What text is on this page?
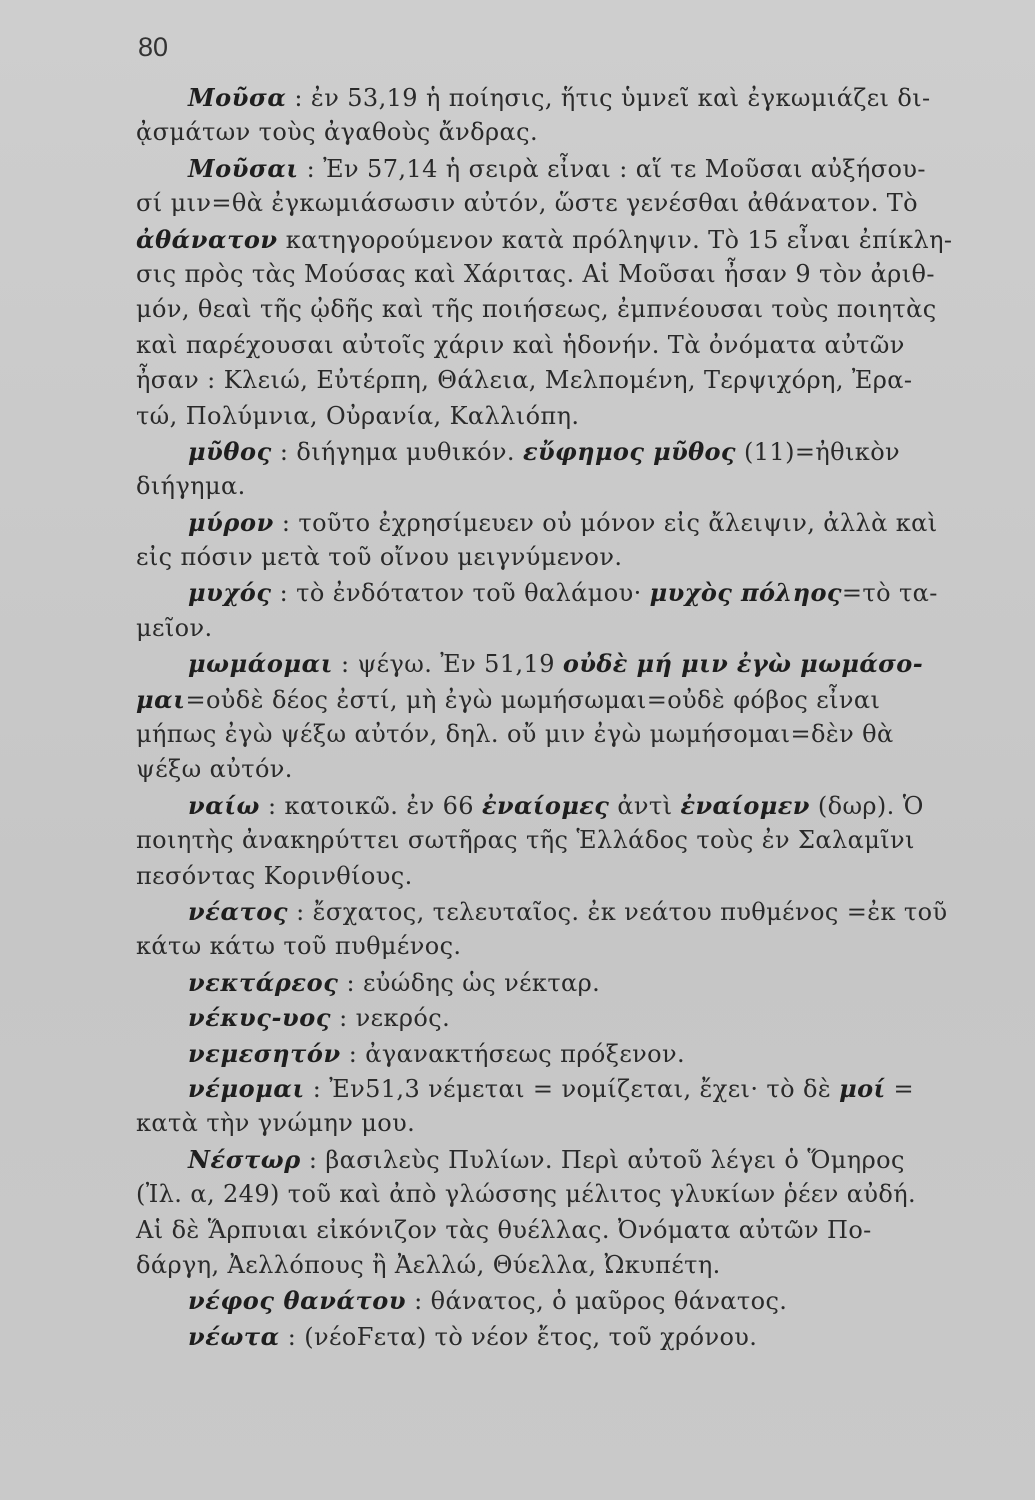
80
Μοῦσα : ἐν 53,19 ἡ ποίησις, ἥτις ὑμνεῖ καὶ ἐγκωμιάζει δι-
ᾀσμάτων τοὺς ἀγαθοὺς ἄνδρας.
Μοῦσαι : Ἐν 57,14 ἡ σειρὰ εἶναι : αἵ τε Μοῦσαι αὐξήσου-
σί μιν=θὰ ἐγκωμιάσωσιν αὐτόν, ὥστε γενέσθαι ἀθάνατον. Τὸ
ἀθάνατον κατηγορούμενον κατὰ πρόληψιν. Τὸ 15 εἶναι ἐπίκλη-
σις πρὸς τὰς Μούσας καὶ Χάριτας. Αἱ Μοῦσαι ἦσαν 9 τὸν ἀριθ-
μόν, θεαὶ τῆς ᾠδῆς καὶ τῆς ποιήσεως, ἐμπνέουσαι τοὺς ποιητὰς
καὶ παρέχουσαι αὐτοῖς χάριν καὶ ἡδονήν. Τὰ ὀνόματα αὐτῶν
ἦσαν : Κλειώ, Εὐτέρπη, Θάλεια, Μελπομένη, Τερψιχόρη, Ἐρα-
τώ, Πολύμνια, Οὐρανία, Καλλιόπη.
μῦθος : διήγημα μυθικόν. εὔφημος μῦθος (11)=ἠθικὸν
διήγημα.
μύρον : τοῦτο ἐχρησίμευεν οὐ μόνον εἰς ἄλειψιν, ἀλλὰ καὶ
εἰς πόσιν μετὰ τοῦ οἴνου μειγνύμενον.
μυχός : τὸ ἐνδότατον τοῦ θαλάμου· μυχὸς πόληος=τὸ τα-
μεῖον.
μωμάομαι : ψέγω. Ἐν 51,19 οὐδὲ μή μιν ἐγὼ μωμάσο-
μαι=οὐδὲ δέος ἐστί, μὴ ἐγὼ μωμήσωμαι=οὐδὲ φόβος εἶναι
μήπως ἐγὼ ψέξω αὐτόν, δηλ. οὔ μιν ἐγὼ μωμήσομαι=δὲν θὰ
ψέξω αὐτόν.
ναίω : κατοικῶ. ἐν 66 ἐναίομες ἀντὶ ἐναίομεν (δωρ). Ὁ
ποιητὴς ἀνακηρύττει σωτῆρας τῆς Ἑλλάδος τοὺς ἐν Σαλαμῖνι
πεσόντας Κορινθίους.
νέατος : ἔσχατος, τελευταῖος. ἐκ νεάτου πυθμένος =ἐκ τοῦ
κάτω κάτω τοῦ πυθμένος.
νεκτάρεος : εὐώδης ὡς νέκταρ.
νέκυς-υος : νεκρός.
νεμεσητόν : ἀγανακτήσεως πρόξενον.
νέμομαι : Ἐν51,3 νέμεται = νομίζεται, ἔχει· τὸ δὲ μοί =
κατὰ τὴν γνώμην μου.
Νέστωρ : βασιλεὺς Πυλίων. Περὶ αὐτοῦ λέγει ὁ Ὅμηρος
(Ἰλ. α, 249) τοῦ καὶ ἀπὸ γλώσσης μέλιτος γλυκίων ῥέεν αὐδή.
Αἱ δὲ Ἅρπυιαι εἰκόνιζον τὰς θυέλλας. Ὀνόματα αὐτῶν Πο-
δάργη, Ἀελλόπους ἢ Ἀελλώ, Θύελλα, Ὠκυπέτη.
νέφος θανάτου : θάνατος, ὁ μαῦρος θάνατος.
νέωτα : (νέοϜετα) τὸ νέον ἔτος, τοῦ χρόνου.
